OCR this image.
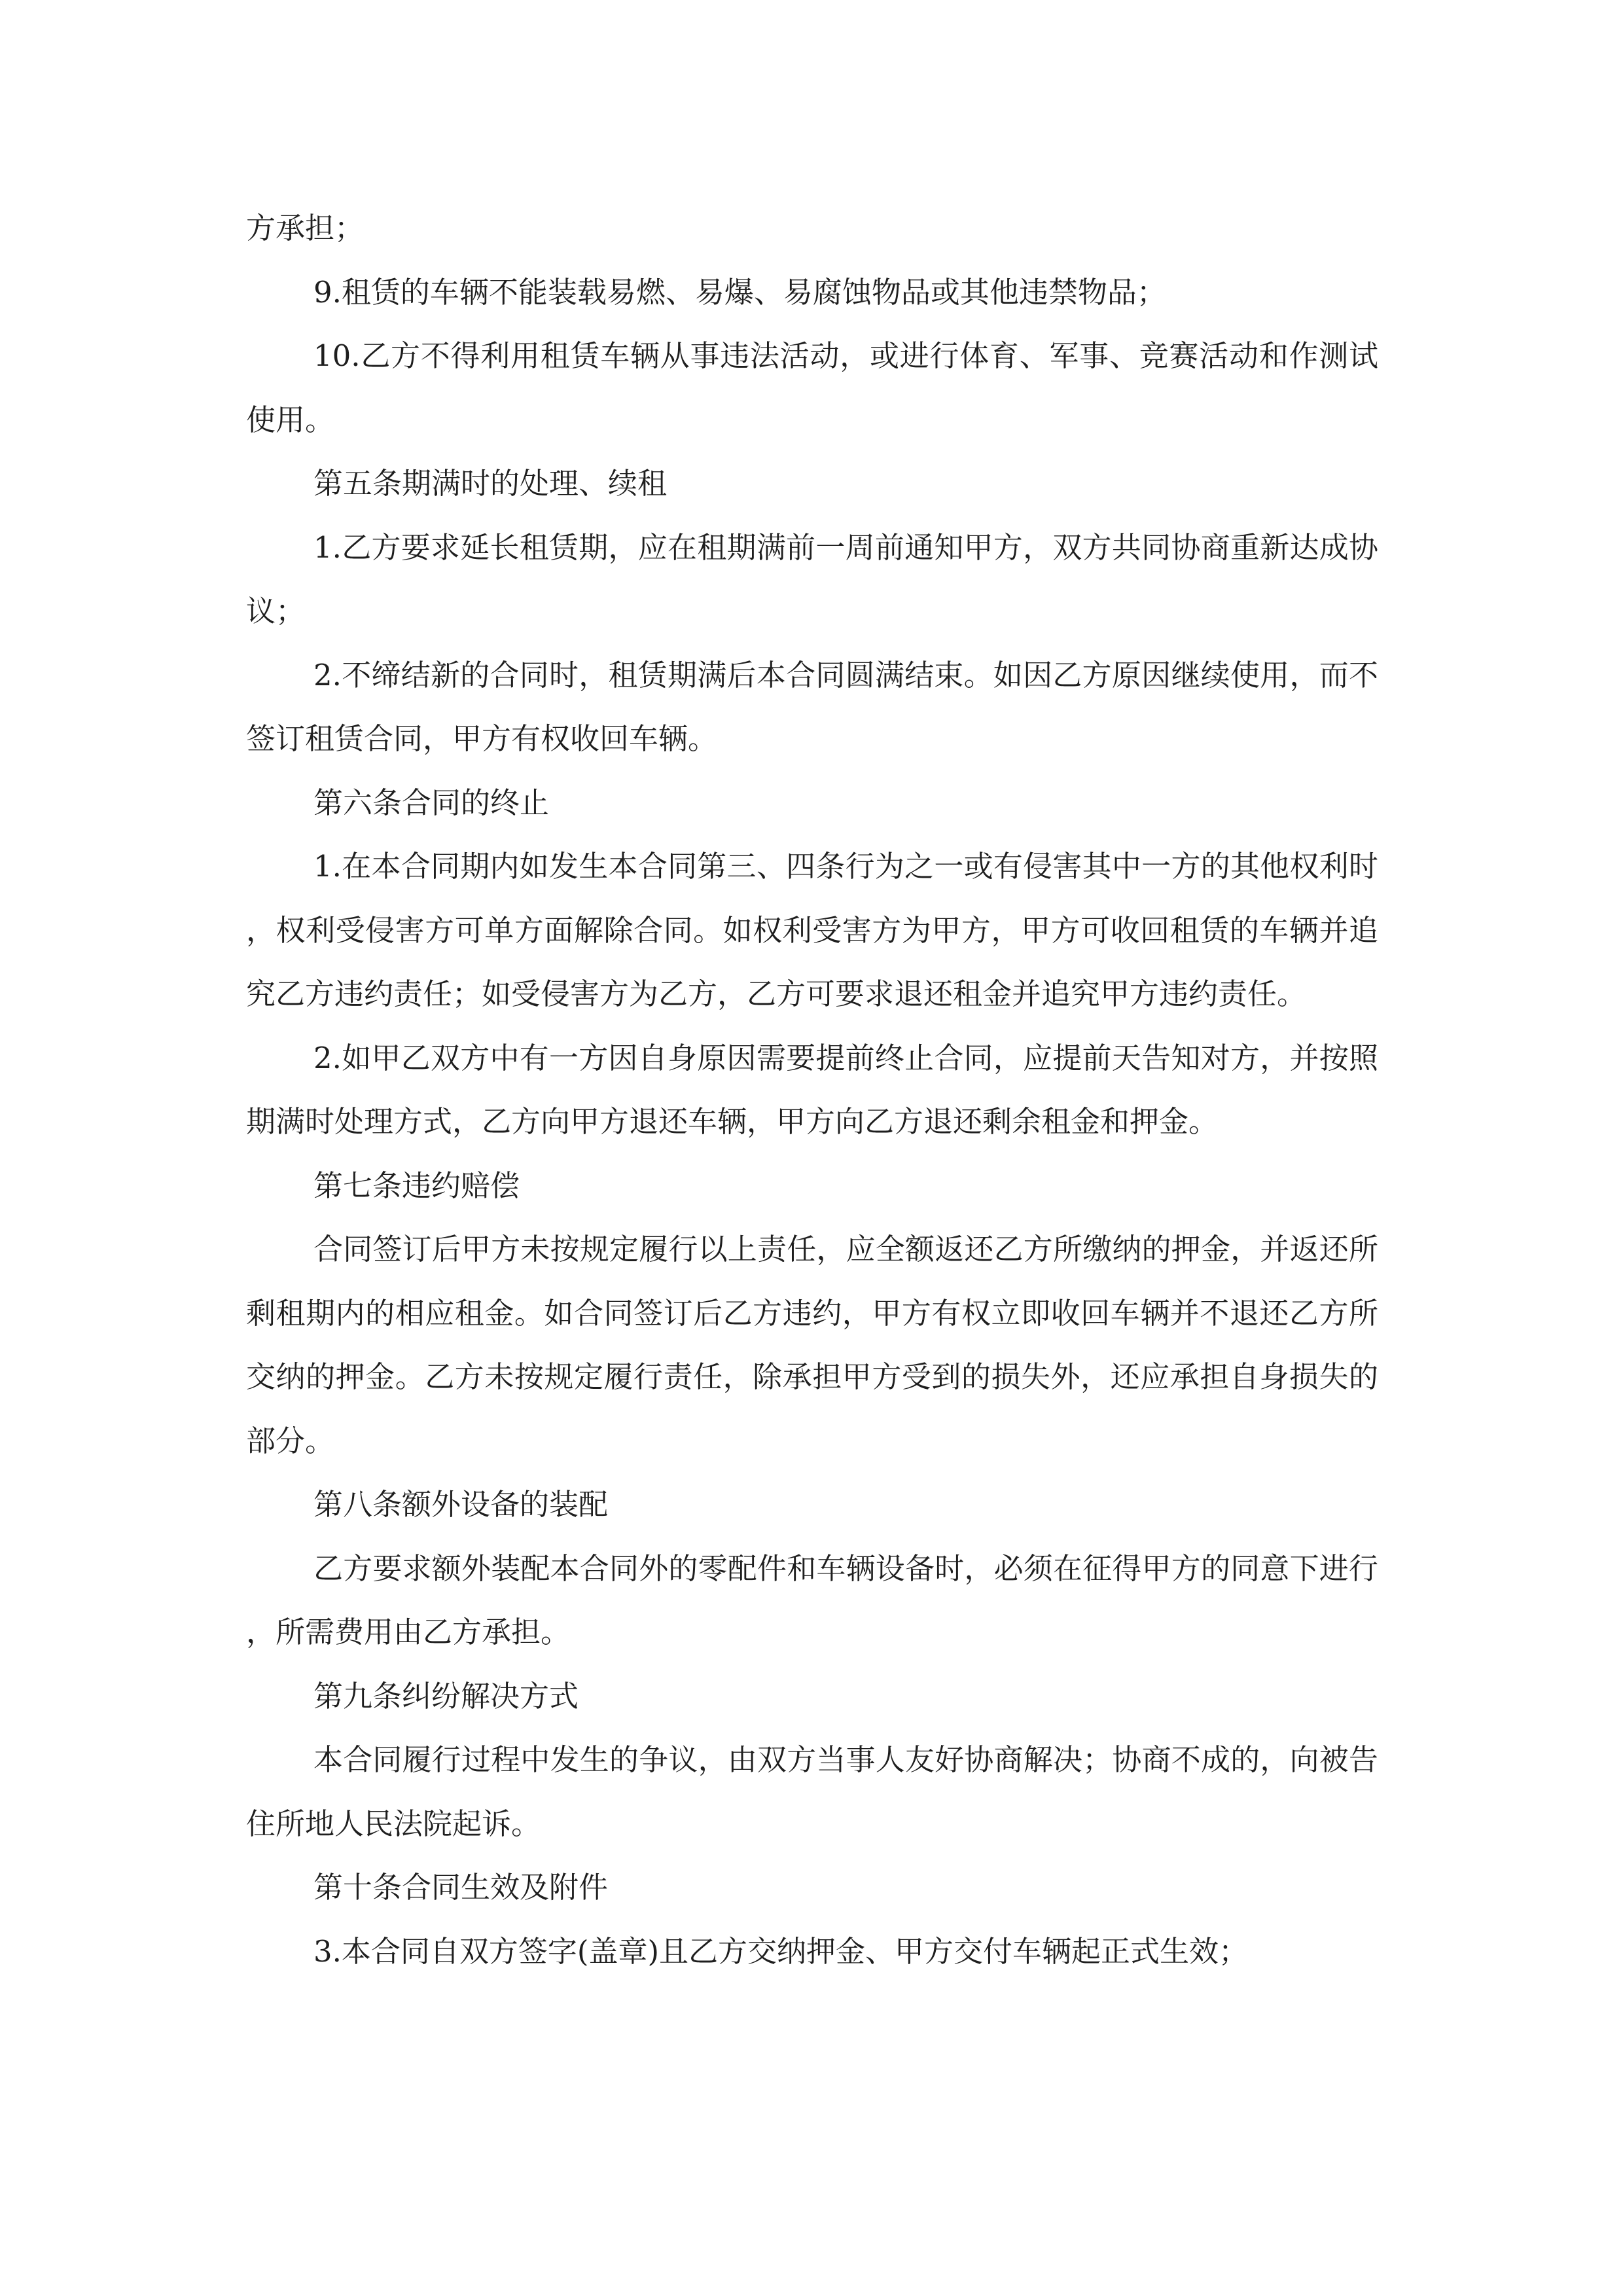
方承担；

9.租赁的车辆不能装载易燃、易爆、易腐蚀物品或其他违禁物品；

10.乙方不得利用租赁车辆从事违法活动，或进行体育、军事、竞赛活动和作测试使用。

第五条期满时的处理、续租

1.乙方要求延长租赁期，应在租期满前一周前通知甲方，双方共同协商重新达成协议；

2.不缔结新的合同时，租赁期满后本合同圆满结束。如因乙方原因继续使用，而不签订租赁合同，甲方有权收回车辆。

第六条合同的终止

1.在本合同期内如发生本合同第三、四条行为之一或有侵害其中一方的其他权利时，权利受侵害方可单方面解除合同。如权利受害方为甲方，甲方可收回租赁的车辆并追究乙方违约责任；如受侵害方为乙方，乙方可要求退还租金并追究甲方违约责任。

2.如甲乙双方中有一方因自身原因需要提前终止合同，应提前天告知对方，并按照期满时处理方式，乙方向甲方退还车辆，甲方向乙方退还剩余租金和押金。

第七条违约赔偿

合同签订后甲方未按规定履行以上责任，应全额返还乙方所缴纳的押金，并返还所剩租期内的相应租金。如合同签订后乙方违约，甲方有权立即收回车辆并不退还乙方所交纳的押金。乙方未按规定履行责任，除承担甲方受到的损失外，还应承担自身损失的部分。

第八条额外设备的装配

乙方要求额外装配本合同外的零配件和车辆设备时，必须在征得甲方的同意下进行，所需费用由乙方承担。

第九条纠纷解决方式

本合同履行过程中发生的争议，由双方当事人友好协商解决；协商不成的，向被告住所地人民法院起诉。

第十条合同生效及附件

3.本合同自双方签字(盖章)且乙方交纳押金、甲方交付车辆起正式生效；
